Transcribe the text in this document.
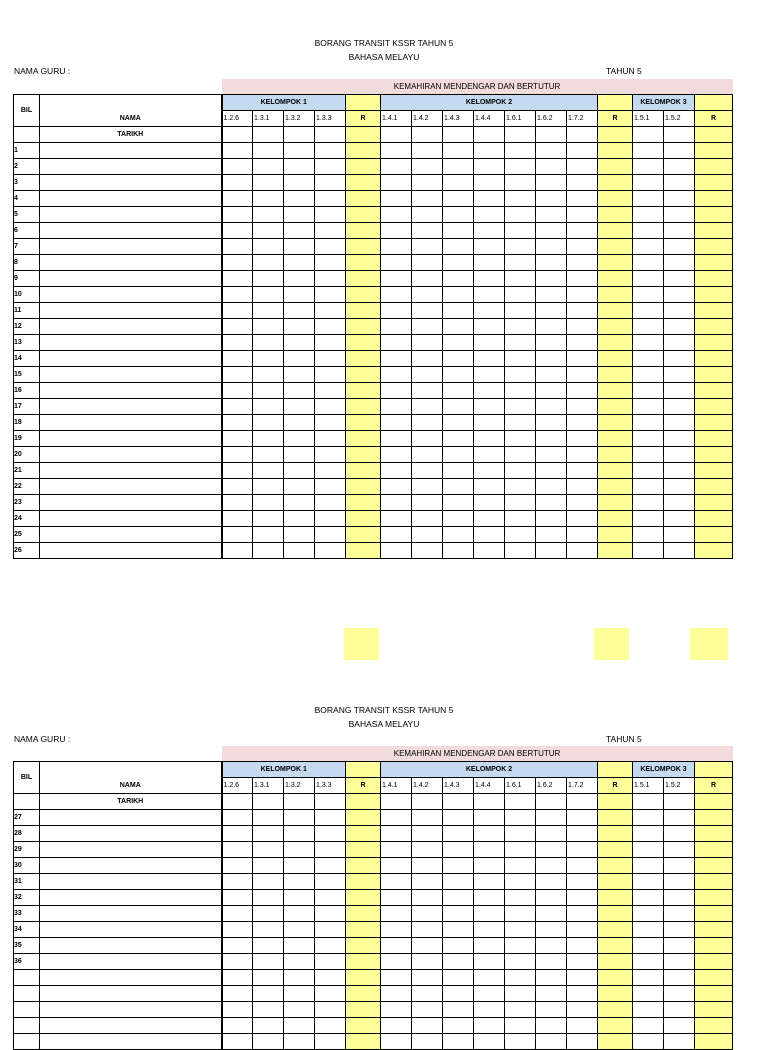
BORANG TRANSIT KSSR TAHUN 5
BAHASA MELAYU
NAMA GURU :	TAHUN 5
		KEMAHIRAN MENDENGAR DAN BERTUTUR															
BIL	NAMA	KELOMPOK 1					KELOMPOK 2								KELOMPOK 3		
		1.2.6	1.3.1	1.3.2	1.3.3	R	1.4.1	1.4.2	1.4.3	1.4.4	1.6.1	1.6.2	1.7.2	R	1.5.1	1.5.2	R
	TARIKH																
1																	
2																	
3																	
4																	
5																	
6																	
7																	
8																	
9																	
10																	
11																	
12																	
13																	
14																	
15																	
16																	
17																	
18																	
19																	
20																	
21																	
22																	
23																	
24																	
25																	
26																	
BORANG TRANSIT KSSR TAHUN 5
BAHASA MELAYU
NAMA GURU :	TAHUN 5
		KEMAHIRAN MENDENGAR DAN BERTUTUR															
BIL	NAMA	KELOMPOK 1					KELOMPOK 2								KELOMPOK 3		
		1.2.6	1.3.1	1.3.2	1.3.3	R	1.4.1	1.4.2	1.4.3	1.4.4	1.6.1	1.6.2	1.7.2	R	1.5.1	1.5.2	R
	TARIKH																
27																	
28																	
29																	
30																	
31																	
32																	
33																	
34																	
35																	
36																	
